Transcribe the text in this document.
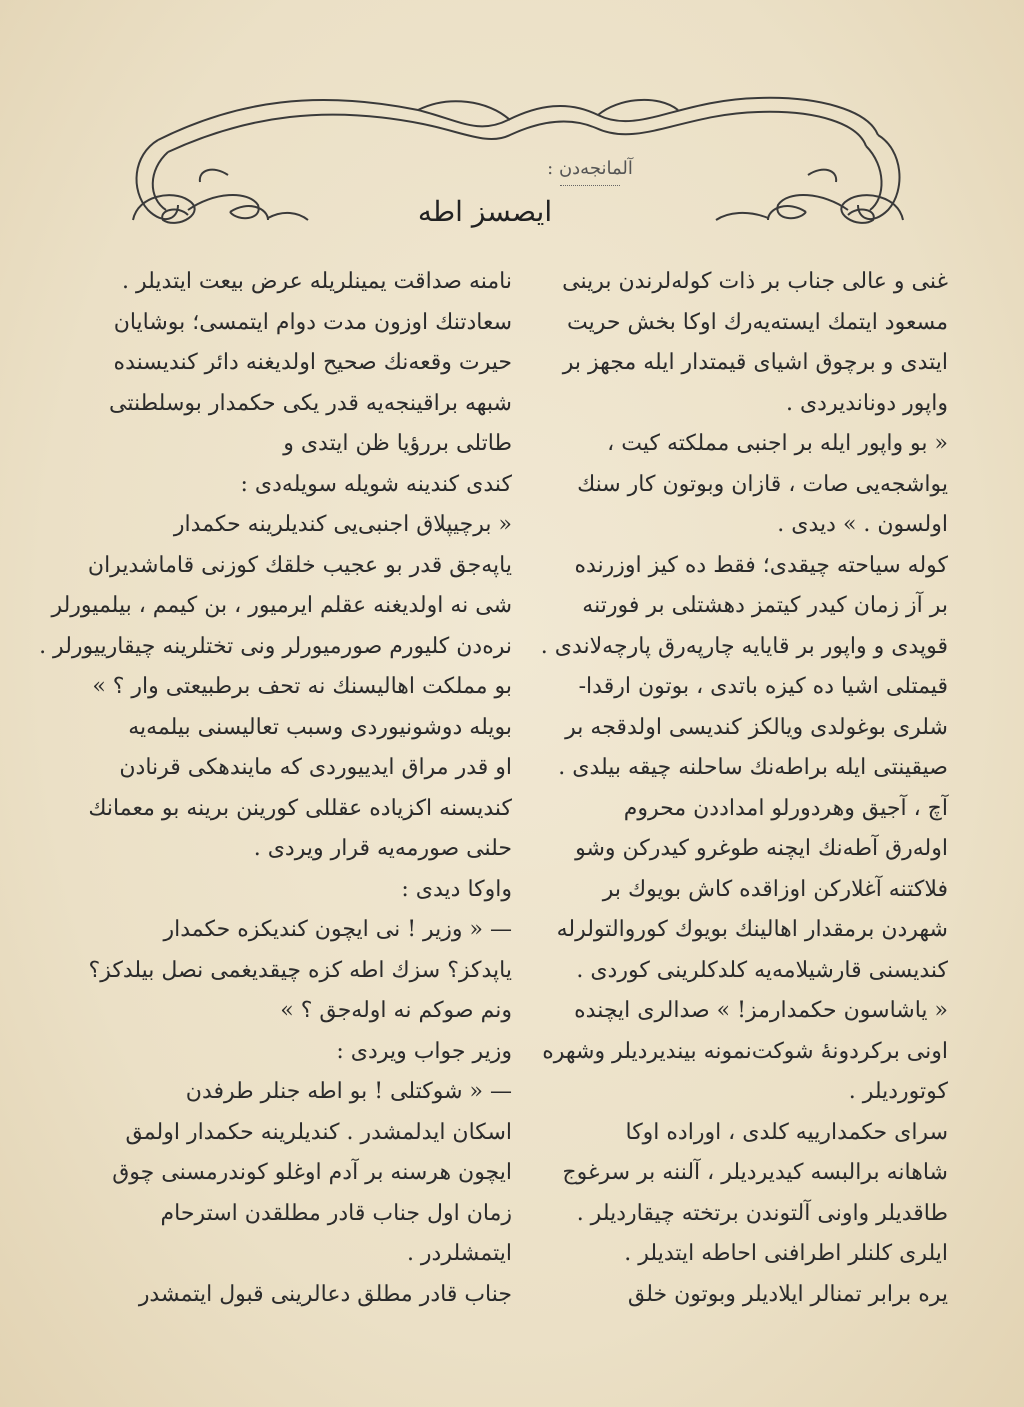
آلمانجه‌دن :
ایصسز اطه
غنی و عالی جناب بر ذات كوله‌لرندن برینی
مسعود ایتمك ایسته‌یه‌رك اوكا بخش حریت
ایتدی و برچوق اشیای قیمتدار ایله مجهز بر
واپور دوناندیردی .
« بو واپور ایله بر اجنبی مملكته كیت ،
یواشجه‌یی صات ، قازان وبوتون كار سنك
اولسون . » دیدی .
كوله سیاحته چیقدی؛ فقط ده كیز اوزرنده
بر آز زمان كیدر كیتمز دهشتلی بر فورتنه
قوپدی و واپور بر قایایه چارپه‌رق پارچه‌لاندی .
قیمتلی اشیا ده كیزه باتدی ، بوتون ارقدا-
شلری بوغولدی ویالكز كندیسی اولدقجه بر
صیقینتی ایله براطه‌نك ساحلنه چیقه بیلدی .
آچ ، آجیق وهردورلو امداددن محروم
اوله‌رق آطه‌نك ایچنه طوغرو كیدركن وشو
فلاكتنه آغلاركن اوزاقده كاش بویوك بر
شهردن برمقدار اهالینك بویوك كوروالتولرله
كندیسنی قارشیلامه‌یه كلدكلرینی كوردی .
« یاشاسون حكمدارمز! » صدالری ایچنده
اونی بركردونهٔ شوكت‌نمونه بیندیردیلر وشهره
كوتوردیلر .
سرای حكمدارییه كلدی ، اوراده اوكا
شاهانه برالبسه كیدیردیلر ، آلننه بر سرغوج
طاقدیلر واونی آلتوندن برتخته چیقاردیلر .
ایلری كلنلر اطرافنی احاطه ایتدیلر .
یره برابر تمنالر ایلادیلر وبوتون خلق
نامنه صداقت یمینلریله عرض بیعت ایتدیلر .
سعادتنك اوزون مدت دوام ایتمسی؛ بوشایان
حیرت وقعه‌نك صحیح اولدیغنه دائر كندیسنده
شبهه براقینجه‌یه قدر یكی حكمدار بوسلطنتی
طاتلی بررؤیا ظن ایتدی و
كندی كندینه شویله سویله‌دی :
« برچیپلاق اجنبی‌یی كندیلرینه حكمدار
یاپه‌جق قدر بو عجیب خلقك كوزنی قاماشدیران
شی نه اولدیغنه عقلم ایرمیور ، بن كیمم ، بیلمیورلر
نره‌دن كلیورم صورمیورلر ونی تختلرینه چیقارییورلر .
بو مملكت اهالیسنك نه تحف برطبیعتی وار ؟ »
بویله دوشونیوردی وسبب تعالیسنی بیلمه‌یه
او قدر مراق ایدییوردی كه مایندهكی قرنادن
كندیسنه اكزیاده عقللی كورینن برینه بو معمانك
حلنی صورمه‌یه قرار ویردی .
واوكا دیدی :
— « وزیر ! نی ایچون كندیكزه حكمدار
یاپدكز؟ سزك اطه كزه چیقدیغمی نصل بیلدكز؟
ونم صوكم نه اوله‌جق ؟ »
وزیر جواب ویردی :
— « شوكتلی ! بو اطه جنلر طرفدن
اسكان ایدلمشدر . كندیلرینه حكمدار اولمق
ایچون هرسنه بر آدم اوغلو كوندرمسنی چوق
زمان اول جناب قادر مطلقدن استرحام
ایتمشلردر .
جناب قادر مطلق دعالرینی قبول ایتمشدر
